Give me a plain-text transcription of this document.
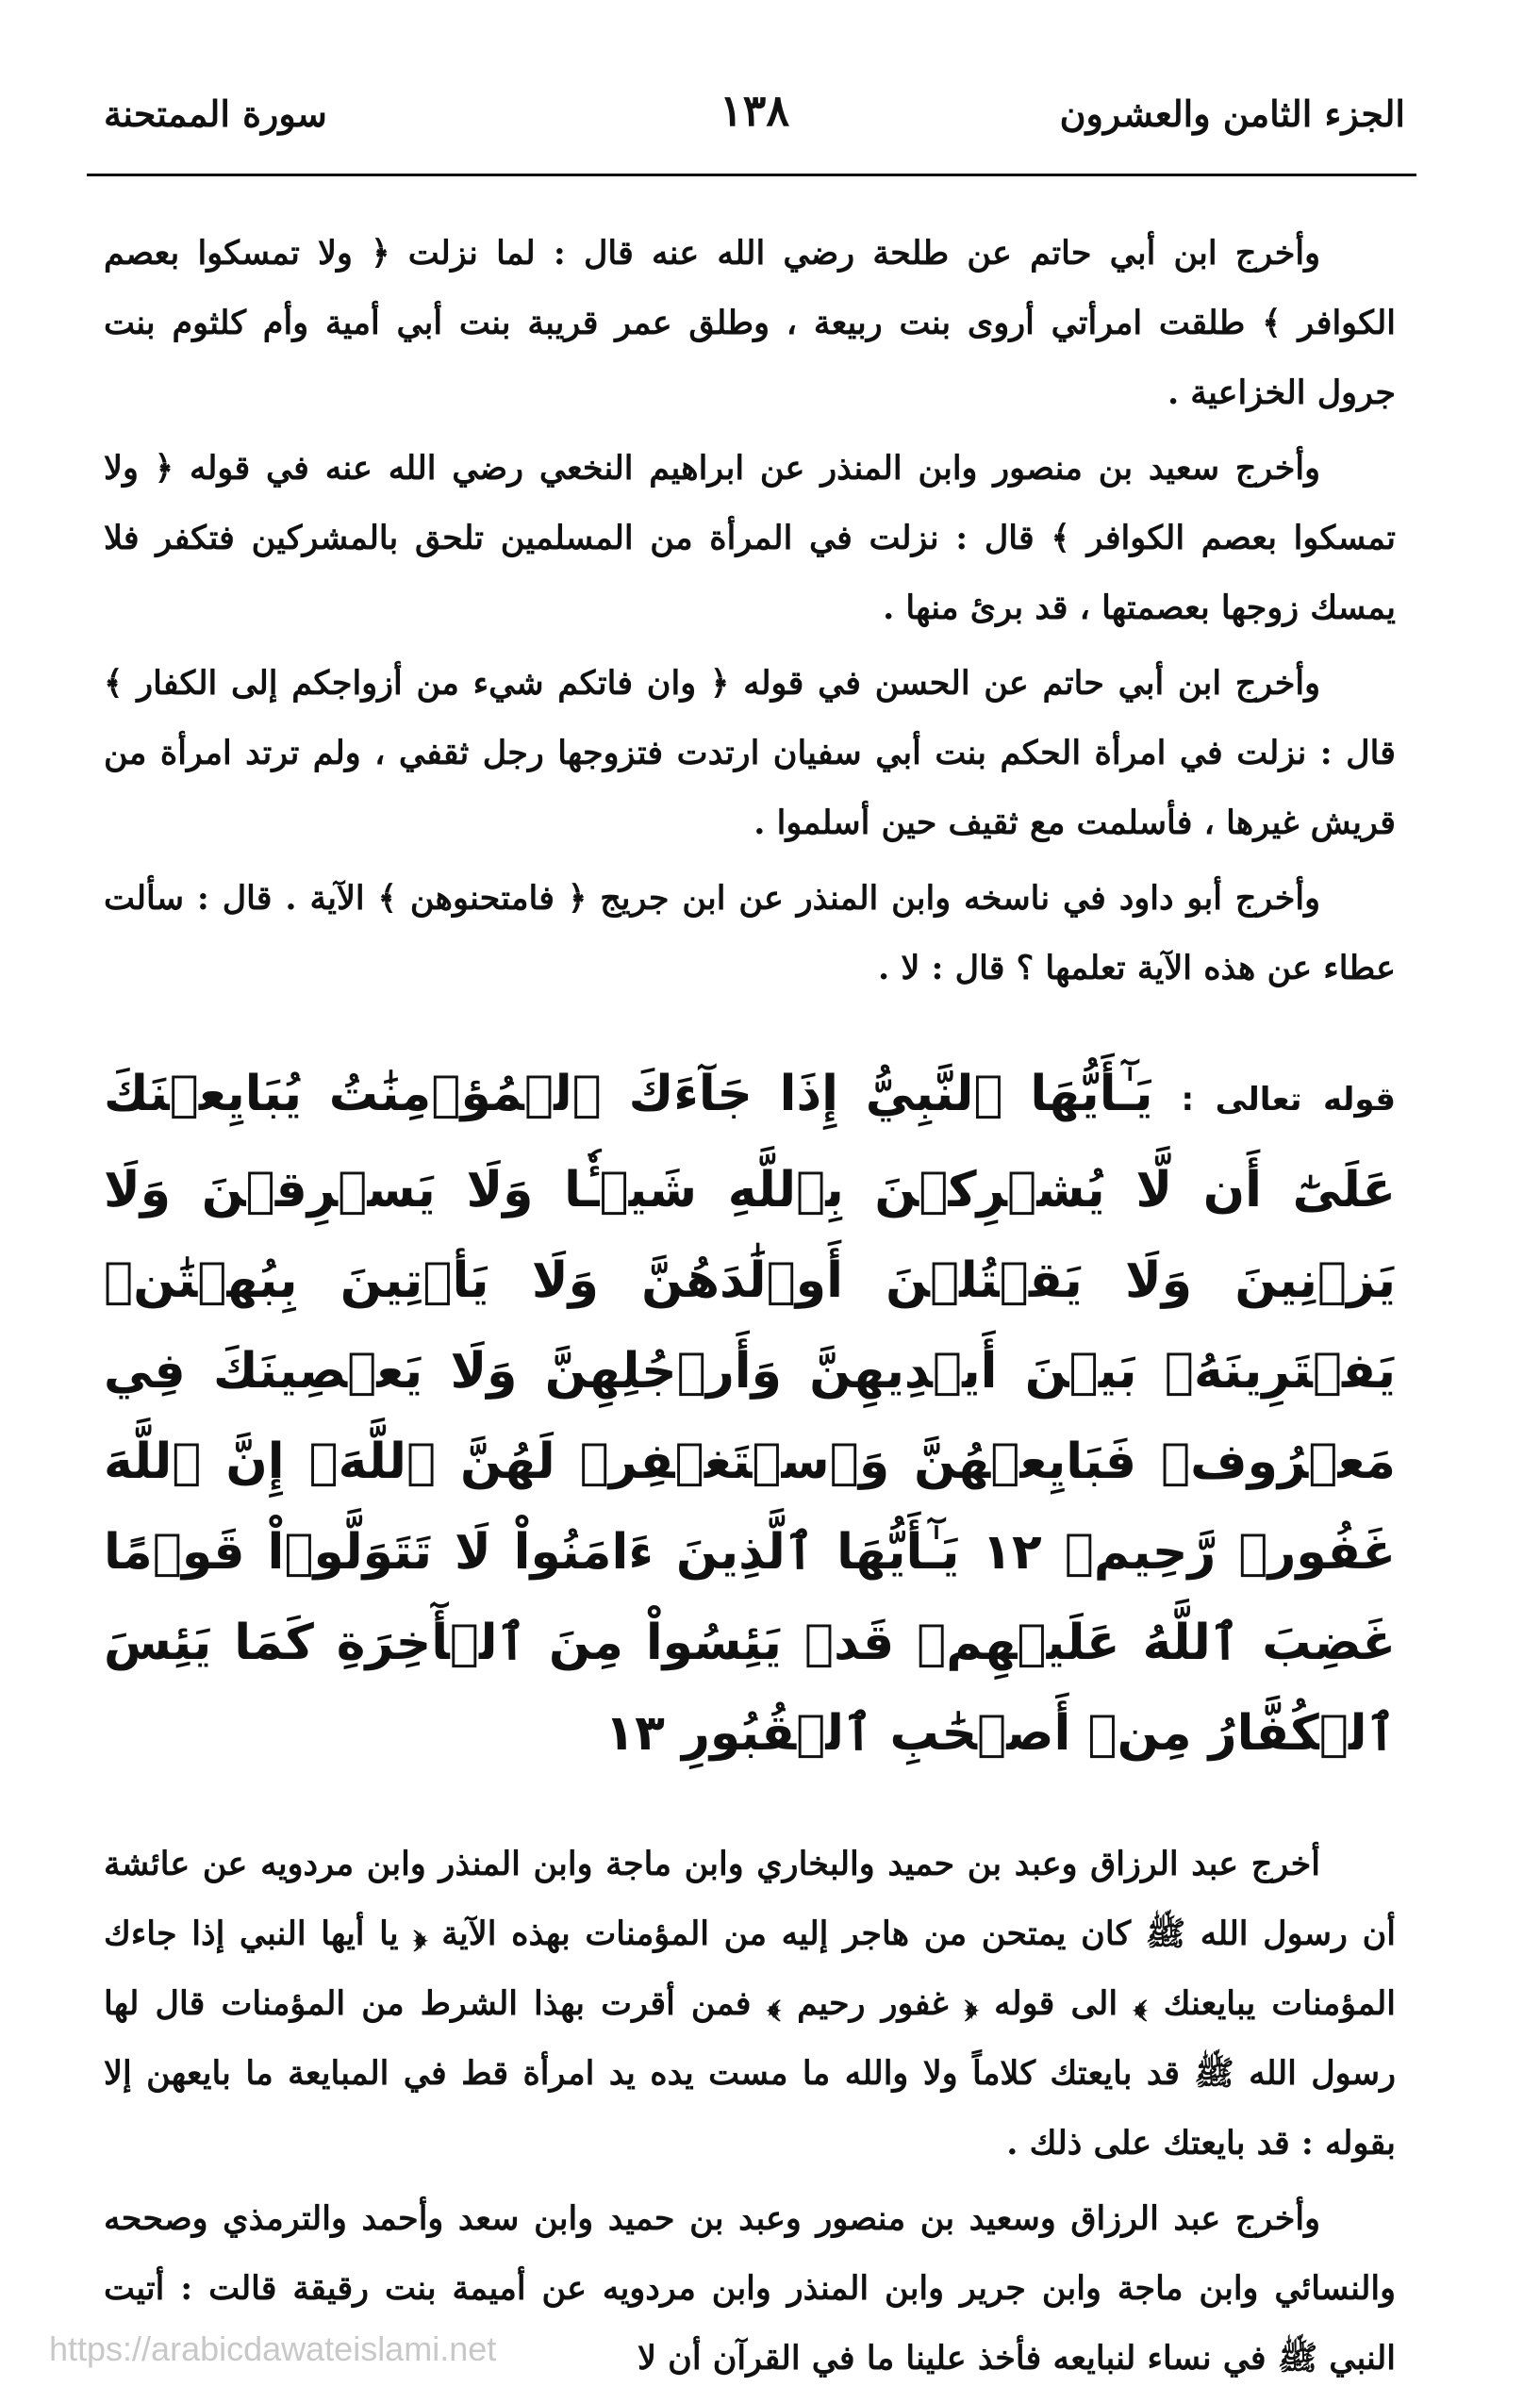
الجزء الثامن والعشرون
١٣٨
سورة الممتحنة

وأخرج ابن أبي حاتم عن طلحة رضي الله عنه قال : لما نزلت ﴿ ولا تمسكوا بعصم الكوافر ﴾ طلقت امرأتي أروى بنت ربيعة ، وطلق عمر قريبة بنت أبي أمية وأم كلثوم بنت جرول الخزاعية .

وأخرج سعيد بن منصور وابن المنذر عن ابراهيم النخعي رضي الله عنه في قوله ﴿ ولا تمسكوا بعصم الكوافر ﴾ قال : نزلت في المرأة من المسلمين تلحق بالمشركين فتكفر فلا يمسك زوجها بعصمتها ، قد برئ منها .

وأخرج ابن أبي حاتم عن الحسن في قوله ﴿ وان فاتكم شيء من أزواجكم إلى الكفار ﴾ قال : نزلت في امرأة الحكم بنت أبي سفيان ارتدت فتزوجها رجل ثقفي ، ولم ترتد امرأة من قريش غيرها ، فأسلمت مع ثقيف حين أسلموا .

وأخرج أبو داود في ناسخه وابن المنذر عن ابن جريج ﴿ فامتحنوهن ﴾ الآية . قال : سألت عطاء عن هذه الآية تعلمها ؟ قال : لا .

قوله تعالى :يَـٰٓأَيُّهَا ٱلنَّبِيُّ إِذَا جَآءَكَ ٱلۡمُؤۡمِنَٰتُ يُبَايِعۡنَكَ عَلَىٰٓ أَن لَّا يُشۡرِكۡنَ بِٱللَّهِ شَيۡـٔٗا وَلَا يَسۡرِقۡنَ وَلَا يَزۡنِينَ وَلَا يَقۡتُلۡنَ أَوۡلَٰدَهُنَّ وَلَا يَأۡتِينَ بِبُهۡتَٰنٖ يَفۡتَرِينَهُۥ بَيۡنَ أَيۡدِيهِنَّ وَأَرۡجُلِهِنَّ وَلَا يَعۡصِينَكَ فِي مَعۡرُوفٖ فَبَايِعۡهُنَّ وَٱسۡتَغۡفِرۡ لَهُنَّ ٱللَّهَۚ إِنَّ ٱللَّهَ غَفُورٞ رَّحِيمٞ ١٢ يَـٰٓأَيُّهَا ٱلَّذِينَ ءَامَنُواْ لَا تَتَوَلَّوۡاْ قَوۡمًا غَضِبَ ٱللَّهُ عَلَيۡهِمۡ قَدۡ يَئِسُواْ مِنَ ٱلۡأٓخِرَةِ كَمَا يَئِسَ ٱلۡكُفَّارُ مِنۡ أَصۡحَٰبِ ٱلۡقُبُورِ ١٣

أخرج عبد الرزاق وعبد بن حميد والبخاري وابن ماجة وابن المنذر وابن مردويه عن عائشة أن رسول الله ﷺ كان يمتحن من هاجر إليه من المؤمنات بهذه الآية ﴿ يا أيها النبي إذا جاءك المؤمنات يبايعنك ﴾ الى قوله ﴿ غفور رحيم ﴾ فمن أقرت بهذا الشرط من المؤمنات قال لها رسول الله ﷺ قد بايعتك كلاماً ولا والله ما مست يده يد امرأة قط في المبايعة ما بايعهن إلا بقوله : قد بايعتك على ذلك .

وأخرج عبد الرزاق وسعيد بن منصور وعبد بن حميد وابن سعد وأحمد والترمذي وصححه والنسائي وابن ماجة وابن جرير وابن المنذر وابن مردويه عن أميمة بنت رقيقة قالت : أتيت النبي ﷺ في نساء لنبايعه فأخذ علينا ما في القرآن أن لا

https://arabicdawateislami.net
